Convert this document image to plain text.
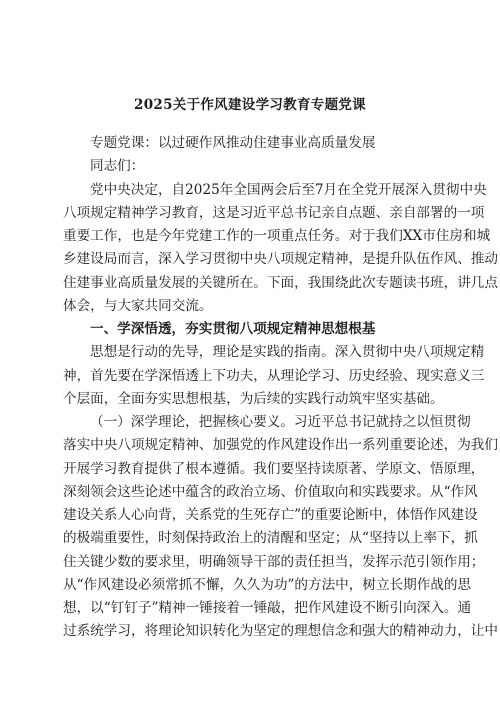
2025关于作风建设学习教育专题党课
专题党课：以过硬作风推动住建事业高质量发展
同志们：
党中央决定，自2025年全国两会后至7月在全党开展深入贯彻中央
八项规定精神学习教育，这是习近平总书记亲自点题、亲自部署的一项
重要工作，也是今年党建工作的一项重点任务。对于我们XX市住房和城
乡建设局而言，深入学习贯彻中央八项规定精神，是提升队伍作风、推动
住建事业高质量发展的关键所在。下面，我围绕此次专题读书班，讲几点
体会，与大家共同交流。
一、学深悟透，夯实贯彻八项规定精神思想根基
思想是行动的先导，理论是实践的指南。深入贯彻中央八项规定精
神，首先要在学深悟透上下功夫，从理论学习、历史经验、现实意义三
个层面，全面夯实思想根基，为后续的实践行动筑牢坚实基础。
（一）深学理论，把握核心要义。习近平总书记就持之以恒贯彻
落实中央八项规定精神、加强党的作风建设作出一系列重要论述，为我们
开展学习教育提供了根本遵循。我们要坚持读原著、学原文、悟原理，
深刻领会这些论述中蕴含的政治立场、价值取向和实践要求。从“作风
建设关系人心向背，关系党的生死存亡”的重要论断中，体悟作风建设
的极端重要性，时刻保持政治上的清醒和坚定；从“坚持以上率下，抓
住关键少数的要求里，明确领导干部的责任担当，发挥示范引领作用；
从“作风建设必须常抓不懈，久久为功”的方法中，树立长期作战的思
想，以“钉钉子”精神一锤接着一锤敲，把作风建设不断引向深入。通
过系统学习，将理论知识转化为坚定的理想信念和强大的精神动力，让中
